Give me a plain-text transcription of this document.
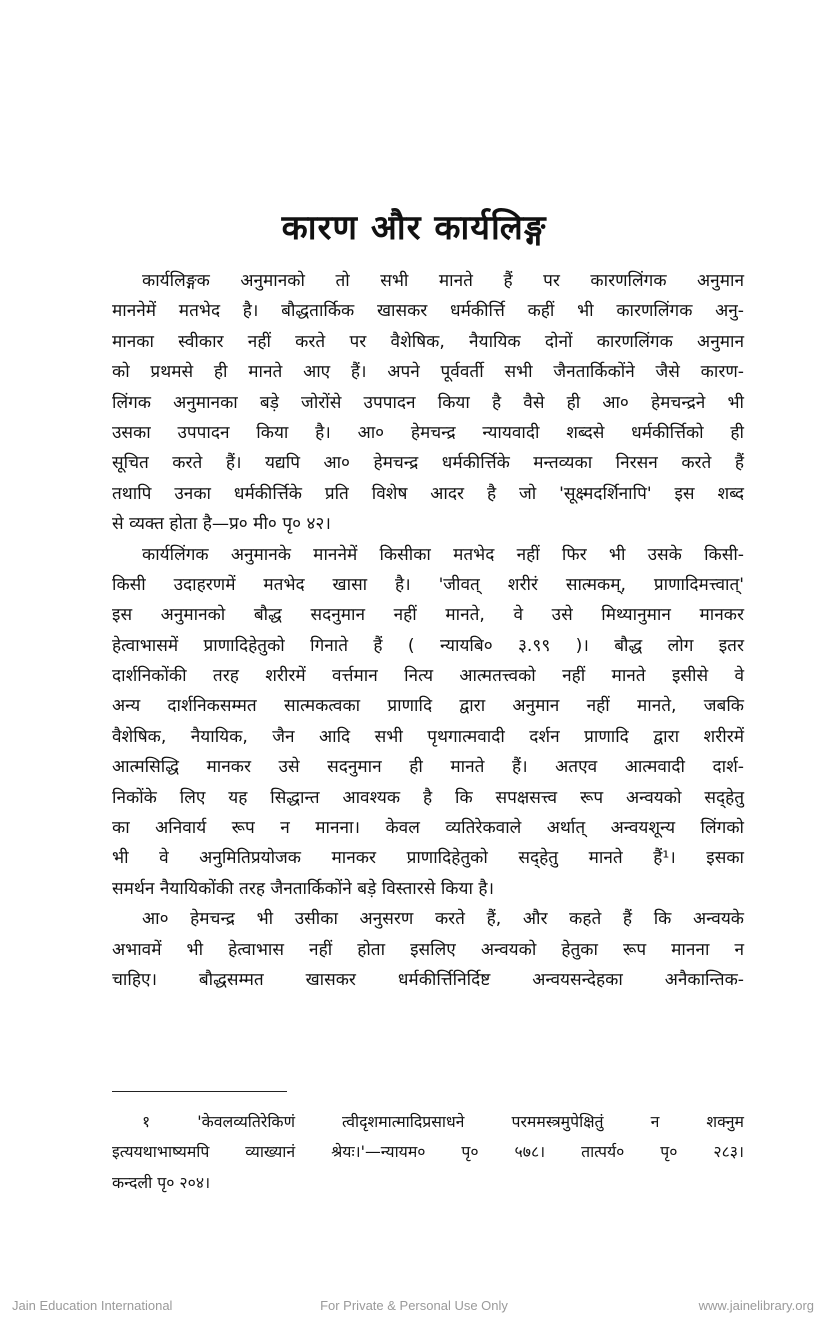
कारण और कार्यलिङ्ग
कार्यलिङ्गक अनुमानको तो सभी मानते हैं पर कारणलिंगक अनुमान
माननेमें मतभेद है। बौद्धतार्किक खासकर धर्मकीर्त्ति कहीं भी कारणलिंगक अनु-
मानका स्वीकार नहीं करते पर वैशेषिक, नैयायिक दोनों कारणलिंगक अनुमान
को प्रथमसे ही मानते आए हैं। अपने पूर्ववर्ती सभी जैनतार्किकोंने जैसे कारण-
लिंगक अनुमानका बड़े जोरोंसे उपपादन किया है वैसे ही आ० हेमचन्द्रने भी
उसका उपपादन किया है। आ० हेमचन्द्र न्यायवादी शब्दसे धर्मकीर्त्तिको ही
सूचित करते हैं। यद्यपि आ० हेमचन्द्र धर्मकीर्त्तिके मन्तव्यका निरसन करते हैं
तथापि उनका धर्मकीर्त्तिके प्रति विशेष आदर है जो 'सूक्ष्मदर्शिनापि' इस शब्द
से व्यक्त होता है—प्र० मी० पृ० ४२।
कार्यलिंगक अनुमानके माननेमें किसीका मतभेद नहीं फिर भी उसके किसी-
किसी उदाहरणमें मतभेद खासा है। 'जीवत् शरीरं सात्मकम्, प्राणादिमत्त्वात्'
इस अनुमानको बौद्ध सदनुमान नहीं मानते, वे उसे मिथ्यानुमान मानकर
हेत्वाभासमें प्राणादिहेतुको गिनाते हैं ( न्यायबि० ३.९९ )। बौद्ध लोग इतर
दार्शनिकोंकी तरह शरीरमें वर्त्तमान नित्य आत्मतत्त्वको नहीं मानते इसीसे वे
अन्य दार्शनिकसम्मत सात्मकत्वका प्राणादि द्वारा अनुमान नहीं मानते, जबकि
वैशेषिक, नैयायिक, जैन आदि सभी पृथगात्मवादी दर्शन प्राणादि द्वारा शरीरमें
आत्मसिद्धि मानकर उसे सदनुमान ही मानते हैं। अतएव आत्मवादी दार्श-
निकोंके लिए यह सिद्धान्त आवश्यक है कि सपक्षसत्त्व रूप अन्वयको सद्हेतु
का अनिवार्य रूप न मानना। केवल व्यतिरेकवाले अर्थात् अन्वयशून्य लिंगको
भी वे अनुमितिप्रयोजक मानकर प्राणादिहेतुको सद्हेतु मानते हैं¹। इसका
समर्थन नैयायिकोंकी तरह जैनतार्किकोंने बड़े विस्तारसे किया है।
आ० हेमचन्द्र भी उसीका अनुसरण करते हैं, और कहते हैं कि अन्वयके
अभावमें भी हेत्वाभास नहीं होता इसलिए अन्वयको हेतुका रूप मानना न
चाहिए। बौद्धसम्मत खासकर धर्मकीर्त्तिनिर्दिष्ट अन्वयसन्देहका अनैकान्तिक-
१ 'केवलव्यतिरेकिणं त्वीदृशमात्मादिप्रसाधने परममस्त्रमुपेक्षितुं न शक्नुम
इत्ययथाभाष्यमपि व्याख्यानं श्रेयः।'—न्यायम० पृ० ५७८। तात्पर्य० पृ० २८३।
कन्दली पृ० २०४।
Jain Education International	For Private & Personal Use Only	www.jainelibrary.org
